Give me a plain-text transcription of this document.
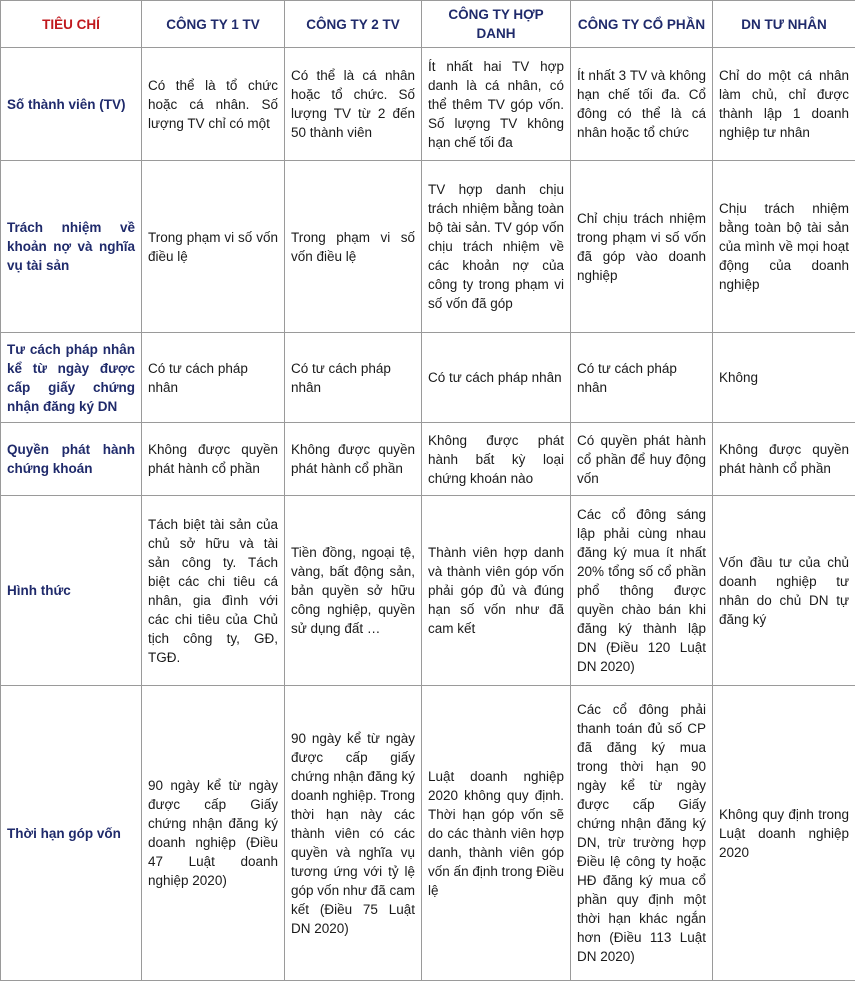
TIÊU CHÍ	CÔNG TY 1 TV	CÔNG TY 2 TV	CÔNG TY HỢP DANH	CÔNG TY CỔ PHẦN	DN TƯ NHÂN
Số thành viên (TV)	Có thể là tổ chức hoặc cá nhân. Số lượng TV chỉ có một	Có thể là cá nhân hoặc tổ chức. Số lượng TV từ 2 đến 50 thành viên	Ít nhất hai TV hợp danh là cá nhân, có thể thêm TV góp vốn. Số lượng TV không hạn chế tối đa	Ít nhất 3 TV và không hạn chế tối đa. Cổ đông có thể là cá nhân hoặc tổ chức	Chỉ do một cá nhân làm chủ, chỉ được thành lập 1 doanh nghiệp tư nhân
Trách nhiệm về khoản nợ và nghĩa vụ tài sản	Trong phạm vi số vốn điều lệ	Trong phạm vi số vốn điều lệ	TV hợp danh chịu trách nhiệm bằng toàn bộ tài sản. TV góp vốn chịu trách nhiệm về các khoản nợ của công ty trong phạm vi số vốn đã góp	Chỉ chịu trách nhiệm trong phạm vi số vốn đã góp vào doanh nghiệp	Chịu trách nhiệm bằng toàn bộ tài sản của mình về mọi hoạt động của doanh nghiệp
Tư cách pháp nhân kể từ ngày được cấp giấy chứng nhận đăng ký DN	Có tư cách pháp nhân	Có tư cách pháp nhân	Có tư cách pháp nhân	Có tư cách pháp nhân	Không
Quyền phát hành chứng khoán	Không được quyền phát hành cổ phần	Không được quyền phát hành cổ phần	Không được phát hành bất kỳ loại chứng khoán nào	Có quyền phát hành cổ phần để huy động vốn	Không được quyền phát hành cổ phần
Hình thức	Tách biệt tài sản của chủ sở hữu và tài sản công ty. Tách biệt các chi tiêu cá nhân, gia đình với các chi tiêu của Chủ tịch công ty, GĐ, TGĐ.	Tiền đồng, ngoại tệ, vàng, bất động sản, bản quyền sở hữu công nghiệp, quyền sử dụng đất …	Thành viên hợp danh và thành viên góp vốn phải góp đủ và đúng hạn số vốn như đã cam kết	Các cổ đông sáng lập phải cùng nhau đăng ký mua ít nhất 20% tổng số cổ phần phổ thông được quyền chào bán khi đăng ký thành lập DN (Điều 120 Luật DN 2020)	Vốn đầu tư của chủ doanh nghiệp tư nhân do chủ DN tự đăng ký
Thời hạn góp vốn	90 ngày kể từ ngày được cấp Giấy chứng nhận đăng ký doanh nghiệp (Điều 47 Luật doanh nghiệp 2020)	90 ngày kể từ ngày được cấp giấy chứng nhận đăng ký doanh nghiệp. Trong thời hạn này các thành viên có các quyền và nghĩa vụ tương ứng với tỷ lệ góp vốn như đã cam kết (Điều 75 Luật DN 2020)	Luật doanh nghiệp 2020 không quy định. Thời hạn góp vốn sẽ do các thành viên hợp danh, thành viên góp vốn ấn định trong Điều lệ	Các cổ đông phải thanh toán đủ số CP đã đăng ký mua trong thời hạn 90 ngày kể từ ngày được cấp Giấy chứng nhận đăng ký DN, trừ trường hợp Điều lệ công ty hoặc HĐ đăng ký mua cổ phần quy định một thời hạn khác ngắn hơn (Điều 113 Luật DN 2020)	Không quy định trong Luật doanh nghiệp 2020
